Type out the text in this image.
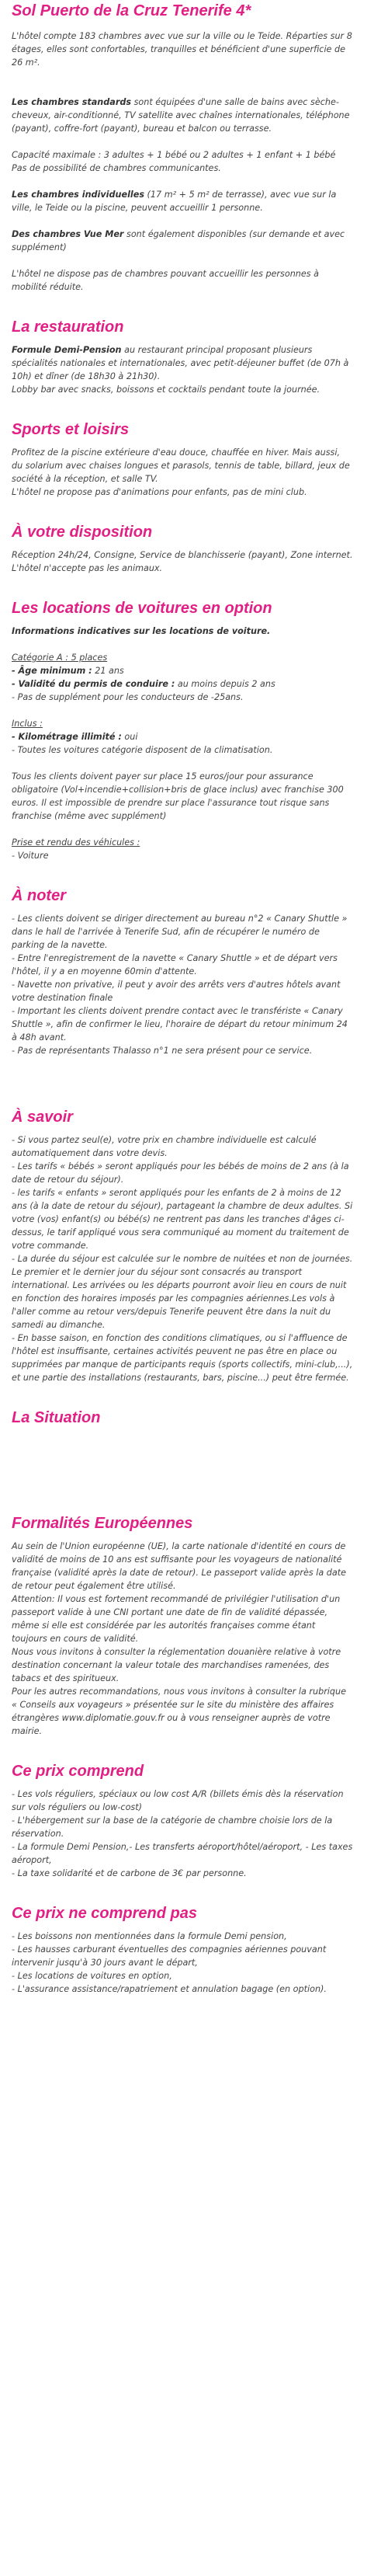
Sol Puerto de la Cruz Tenerife 4*

L'hôtel compte 183 chambres avec vue sur la ville ou le Teide. Réparties sur 8 étages, elles sont confortables, tranquilles et bénéficient d'une superficie de 26 m².

Les chambres standards sont équipées d'une salle de bains avec sèche-cheveux, air-conditionné, TV satellite avec chaînes internationales, téléphone (payant), coffre-fort (payant), bureau et balcon ou terrasse.

Capacité maximale : 3 adultes + 1 bébé ou 2 adultes + 1 enfant + 1 bébé

Pas de possibilité de chambres communicantes.

Les chambres individuelles (17 m² + 5 m² de terrasse), avec vue sur la ville, le Teide ou la piscine, peuvent accueillir 1 personne.

Des chambres Vue Mer sont également disponibles (sur demande et avec supplément)

L'hôtel ne dispose pas de chambres pouvant accueillir les personnes à mobilité réduite.

La restauration

Formule Demi-Pension au restaurant principal proposant plusieurs spécialités nationales et internationales, avec petit-déjeuner buffet (de 07h à 10h) et dîner (de 18h30 à 21h30).

Lobby bar avec snacks, boissons et cocktails pendant toute la journée.

Sports et loisirs

Profitez de la piscine extérieure d'eau douce, chauffée en hiver. Mais aussi, du solarium avec chaises longues et parasols, tennis de table, billard, jeux de société à la réception, et salle TV.

L'hôtel ne propose pas d'animations pour enfants, pas de mini club.

À votre disposition

Réception 24h/24, Consigne, Service de blanchisserie (payant), Zone internet.

L'hôtel n'accepte pas les animaux.

Les locations de voitures en option

Informations indicatives sur les locations de voiture.

Catégorie A : 5 places

- Âge minimum : 21 ans

- Validité du permis de conduire : au moins depuis 2 ans

- Pas de supplément pour les conducteurs de -25ans.

Inclus :

- Kilométrage illimité : oui

- Toutes les voitures catégorie disposent de la climatisation.

Tous les clients doivent payer sur place 15 euros/jour pour assurance obligatoire (Vol+incendie+collision+bris de glace inclus) avec franchise 300 euros. Il est impossible de prendre sur place l'assurance tout risque sans franchise (même avec supplément)

Prise et rendu des véhicules :

- Voiture

À noter

- Les clients doivent se diriger directement au bureau n°2 « Canary Shuttle » dans le hall de l'arrivée à Tenerife Sud, afin de récupérer le numéro de parking de la navette.

- Entre l'enregistrement de la navette « Canary Shuttle » et de départ vers l'hôtel, il y a en moyenne 60min d'attente.

- Navette non privative, il peut y avoir des arrêts vers d'autres hôtels avant votre destination finale

- Important les clients doivent prendre contact avec le transfériste « Canary Shuttle », afin de confirmer le lieu, l'horaire de départ du retour minimum 24 à 48h avant.

- Pas de représentants Thalasso n°1 ne sera présent pour ce service.

À savoir

- Si vous partez seul(e), votre prix en chambre individuelle est calculé automatiquement dans votre devis.

- Les tarifs « bébés » seront appliqués pour les bébés de moins de 2 ans (à la date de retour du séjour).

- les tarifs « enfants » seront appliqués pour les enfants de 2 à moins de 12 ans (à la date de retour du séjour), partageant la chambre de deux adultes. Si votre (vos) enfant(s) ou bébé(s) ne rentrent pas dans les tranches d'âges ci-dessus, le tarif appliqué vous sera communiqué au moment du traitement de votre commande.

- La durée du séjour est calculée sur le nombre de nuitées et non de journées. Le premier et le dernier jour du séjour sont consacrés au transport international. Les arrivées ou les départs pourront avoir lieu en cours de nuit en fonction des horaires imposés par les compagnies aériennes.Les vols à l'aller comme au retour vers/depuis Tenerife peuvent être dans la nuit du samedi au dimanche.

- En basse saison, en fonction des conditions climatiques, ou si l'affluence de l'hôtel est insuffisante, certaines activités peuvent ne pas être en place ou supprimées par manque de participants requis (sports collectifs, mini-club,...), et une partie des installations (restaurants, bars, piscine...) peut être fermée.

La Situation
Formalités Européennes

Au sein de l'Union européenne (UE), la carte nationale d'identité en cours de validité de moins de 10 ans est suffisante pour les voyageurs de nationalité française (validité après la date de retour). Le passeport valide après la date de retour peut également être utilisé.

Attention: Il vous est fortement recommandé de privilégier l'utilisation d'un passeport valide à une CNI portant une date de fin de validité dépassée, même si elle est considérée par les autorités françaises comme étant toujours en cours de validité.

Nous vous invitons à consulter la réglementation douanière relative à votre destination concernant la valeur totale des marchandises ramenées, des tabacs et des spiritueux.

Pour les autres recommandations, nous vous invitons à consulter la rubrique « Conseils aux voyageurs » présentée sur le site du ministère des affaires étrangères www.diplomatie.gouv.fr ou à vous renseigner auprès de votre mairie.

Ce prix comprend

- Les vols réguliers, spéciaux ou low cost A/R (billets émis dès la réservation sur vols réguliers ou low-cost)

- L'hébergement sur la base de la catégorie de chambre choisie lors de la réservation.

- La formule Demi Pension,- Les transferts aéroport/hôtel/aéroport, - Les taxes aéroport,

- La taxe solidarité et de carbone de 3€ par personne.

Ce prix ne comprend pas

- Les boissons non mentionnées dans la formule Demi pension,

- Les hausses carburant éventuelles des compagnies aériennes pouvant intervenir jusqu'à 30 jours avant le départ,

- Les locations de voitures en option,

- L'assurance assistance/rapatriement et annulation bagage (en option).
